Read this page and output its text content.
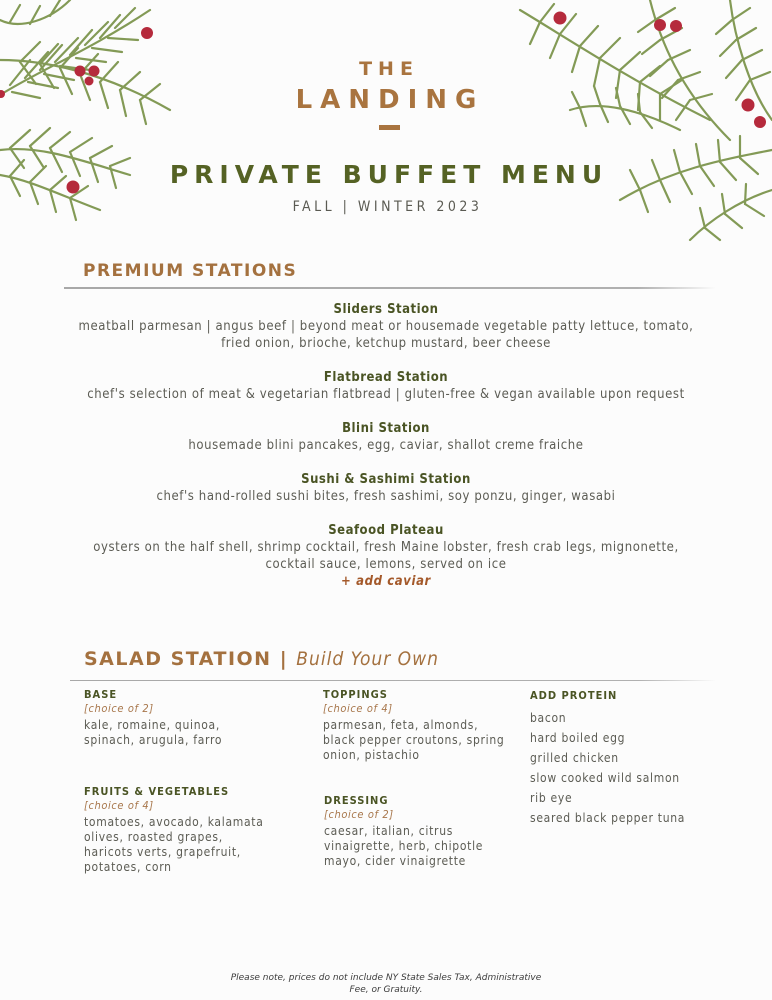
THE
LANDING
PRIVATE BUFFET MENU
FALL | WINTER 2023
PREMIUM STATIONS
Sliders Station
meatball parmesan | angus beef | beyond meat or housemade vegetable patty lettuce, tomato, fried onion, brioche, ketchup mustard, beer cheese
Flatbread Station
chef's selection of meat & vegetarian flatbread | gluten-free & vegan available upon request
Blini Station
housemade blini pancakes, egg, caviar, shallot creme fraiche
Sushi & Sashimi Station
chef's hand-rolled sushi bites, fresh sashimi, soy ponzu, ginger, wasabi
Seafood Plateau
oysters on the half shell, shrimp cocktail, fresh Maine lobster, fresh crab legs, mignonette, cocktail sauce, lemons, served on ice
+ add caviar
SALAD STATION | Build Your Own
BASE
[choice of 2]
kale, romaine, quinoa, spinach, arugula, farro
FRUITS & VEGETABLES
[choice of 4]
tomatoes, avocado, kalamata olives, roasted grapes, haricots verts, grapefruit, potatoes, corn
TOPPINGS
[choice of 4]
parmesan, feta, almonds, black pepper croutons, spring onion, pistachio
DRESSING
[choice of 2]
caesar, italian, citrus vinaigrette, herb, chipotle mayo, cider vinaigrette
ADD PROTEIN
bacon
hard boiled egg
grilled chicken
slow cooked wild salmon
rib eye
seared black pepper tuna
Please note, prices do not include NY State Sales Tax, Administrative
Fee, or Gratuity.
